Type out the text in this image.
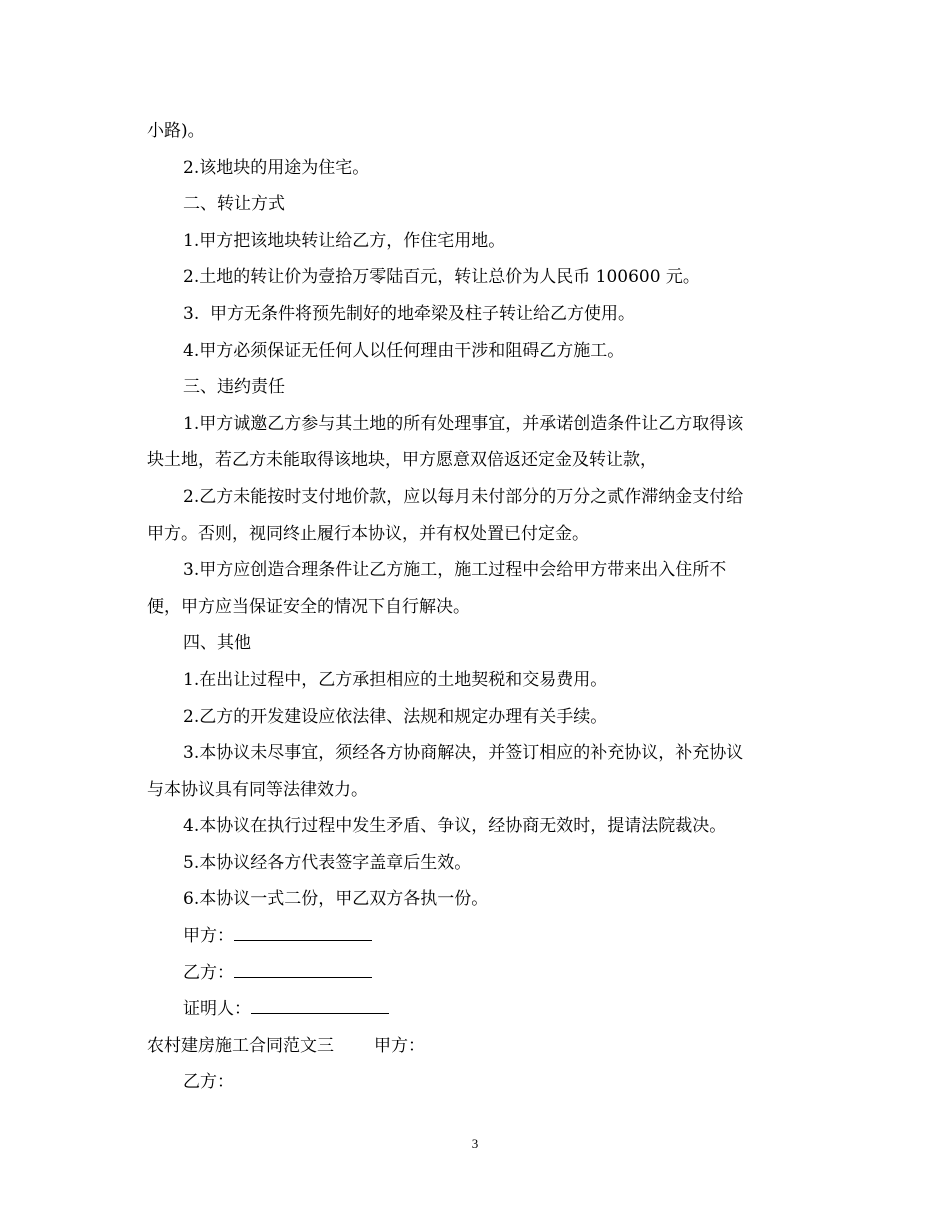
小路)。
2.该地块的用途为住宅。
二、转让方式
1.甲方把该地块转让给乙方，作住宅用地。
2.土地的转让价为壹拾万零陆百元，转让总价为人民币 100600 元。
3.  甲方无条件将预先制好的地牵梁及柱子转让给乙方使用。
4.甲方必须保证无任何人以任何理由干涉和阻碍乙方施工。
三、违约责任
1.甲方诚邀乙方参与其土地的所有处理事宜，并承诺创造条件让乙方取得该
块土地，若乙方未能取得该地块，甲方愿意双倍返还定金及转让款，
2.乙方未能按时支付地价款，应以每月未付部分的万分之贰作滞纳金支付给
甲方。否则，视同终止履行本协议，并有权处置已付定金。
3.甲方应创造合理条件让乙方施工，施工过程中会给甲方带来出入住所不
便，甲方应当保证安全的情况下自行解决。
四、其他
1.在出让过程中，乙方承担相应的土地契税和交易费用。
2.乙方的开发建设应依法律、法规和规定办理有关手续。
3.本协议未尽事宜，须经各方协商解决，并签订相应的补充协议，补充协议
与本协议具有同等法律效力。
4.本协议在执行过程中发生矛盾、争议，经协商无效时，提请法院裁决。
5.本协议经各方代表签字盖章后生效。
6.本协议一式二份，甲乙双方各执一份。
甲方：
乙方：
证明人：
农村建房施工合同范文三 甲方：
乙方：
3
